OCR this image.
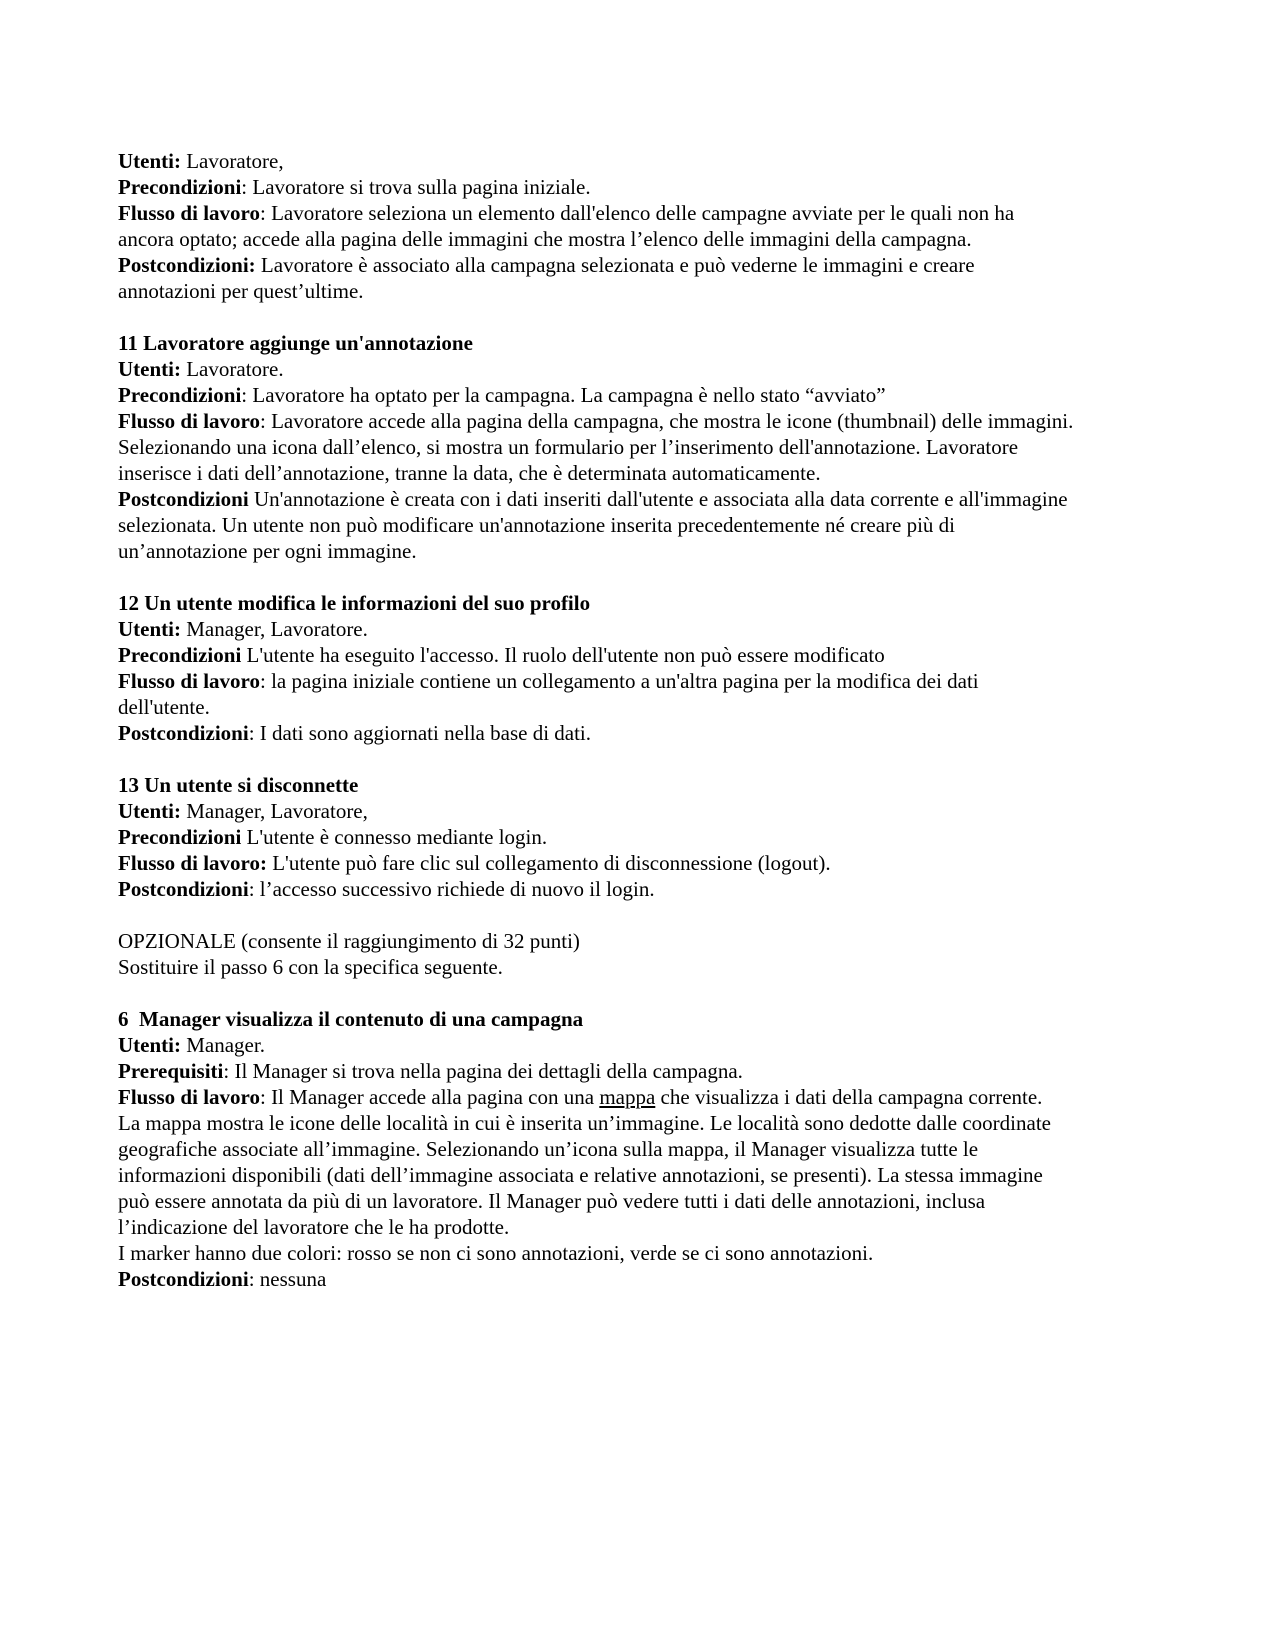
Utenti: Lavoratore,
Precondizioni: Lavoratore si trova sulla pagina iniziale.
Flusso di lavoro: Lavoratore seleziona un elemento dall'elenco delle campagne avviate per le quali non ha
ancora optato; accede alla pagina delle immagini che mostra l’elenco delle immagini della campagna.
Postcondizioni: Lavoratore è associato alla campagna selezionata e può vederne le immagini e creare
annotazioni per quest’ultime.
11 Lavoratore aggiunge un'annotazione
Utenti: Lavoratore.
Precondizioni: Lavoratore ha optato per la campagna. La campagna è nello stato “avviato”
Flusso di lavoro: Lavoratore accede alla pagina della campagna, che mostra le icone (thumbnail) delle immagini.
Selezionando una icona dall’elenco, si mostra un formulario per l’inserimento dell'annotazione. Lavoratore
inserisce i dati dell’annotazione, tranne la data, che è determinata automaticamente.
Postcondizioni Un'annotazione è creata con i dati inseriti dall'utente e associata alla data corrente e all'immagine
selezionata. Un utente non può modificare un'annotazione inserita precedentemente né creare più di
un’annotazione per ogni immagine.
12 Un utente modifica le informazioni del suo profilo
Utenti: Manager, Lavoratore.
Precondizioni L'utente ha eseguito l'accesso. Il ruolo dell'utente non può essere modificato
Flusso di lavoro: la pagina iniziale contiene un collegamento a un'altra pagina per la modifica dei dati
dell'utente.
Postcondizioni: I dati sono aggiornati nella base di dati.
13 Un utente si disconnette
Utenti: Manager, Lavoratore,
Precondizioni L'utente è connesso mediante login.
Flusso di lavoro: L'utente può fare clic sul collegamento di disconnessione (logout).
Postcondizioni: l’accesso successivo richiede di nuovo il login.
OPZIONALE (consente il raggiungimento di 32 punti)
Sostituire il passo 6 con la specifica seguente.
6  Manager visualizza il contenuto di una campagna
Utenti: Manager.
Prerequisiti: Il Manager si trova nella pagina dei dettagli della campagna.
Flusso di lavoro: Il Manager accede alla pagina con una mappa che visualizza i dati della campagna corrente.
La mappa mostra le icone delle località in cui è inserita un’immagine. Le località sono dedotte dalle coordinate
geografiche associate all’immagine. Selezionando un’icona sulla mappa, il Manager visualizza tutte le
informazioni disponibili (dati dell’immagine associata e relative annotazioni, se presenti). La stessa immagine
può essere annotata da più di un lavoratore. Il Manager può vedere tutti i dati delle annotazioni, inclusa
l’indicazione del lavoratore che le ha prodotte.
I marker hanno due colori: rosso se non ci sono annotazioni, verde se ci sono annotazioni.
Postcondizioni: nessuna
